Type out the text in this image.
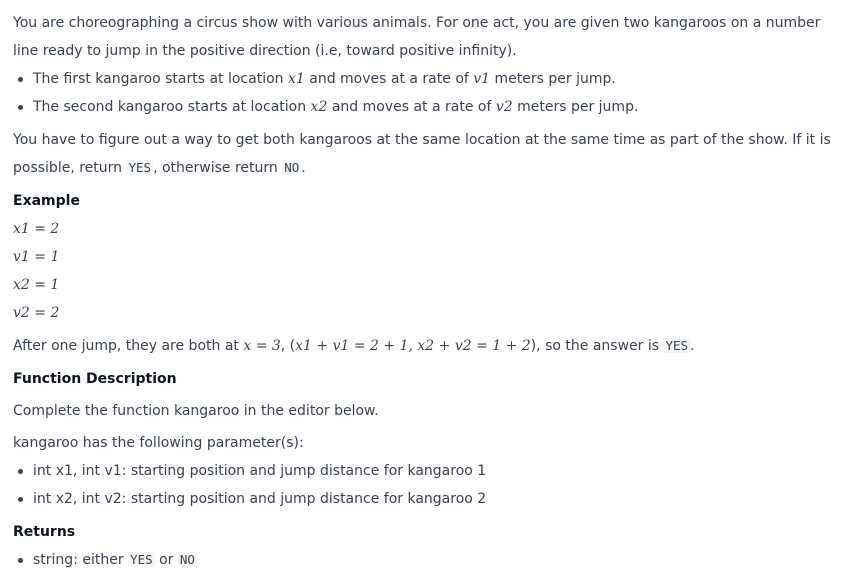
You are choreographing a circus show with various animals. For one act, you are given two kangaroos on a number line ready to jump in the positive direction (i.e, toward positive infinity).

The first kangaroo starts at location x1 and moves at a rate of v1 meters per jump.
The second kangaroo starts at location x2 and moves at a rate of v2 meters per jump.

You have to figure out a way to get both kangaroos at the same location at the same time as part of the show. If it is possible, return YES , otherwise return NO .

Example

x1 = 2

v1 = 1

x2 = 1

v2 = 2

After one jump, they are both at x = 3, (x1 + v1 = 2 + 1, x2 + v2 = 1 + 2), so the answer is YES .

Function Description

Complete the function kangaroo in the editor below.

kangaroo has the following parameter(s):

int x1, int v1: starting position and jump distance for kangaroo 1
int x2, int v2: starting position and jump distance for kangaroo 2

Returns

string: either YES or NO
